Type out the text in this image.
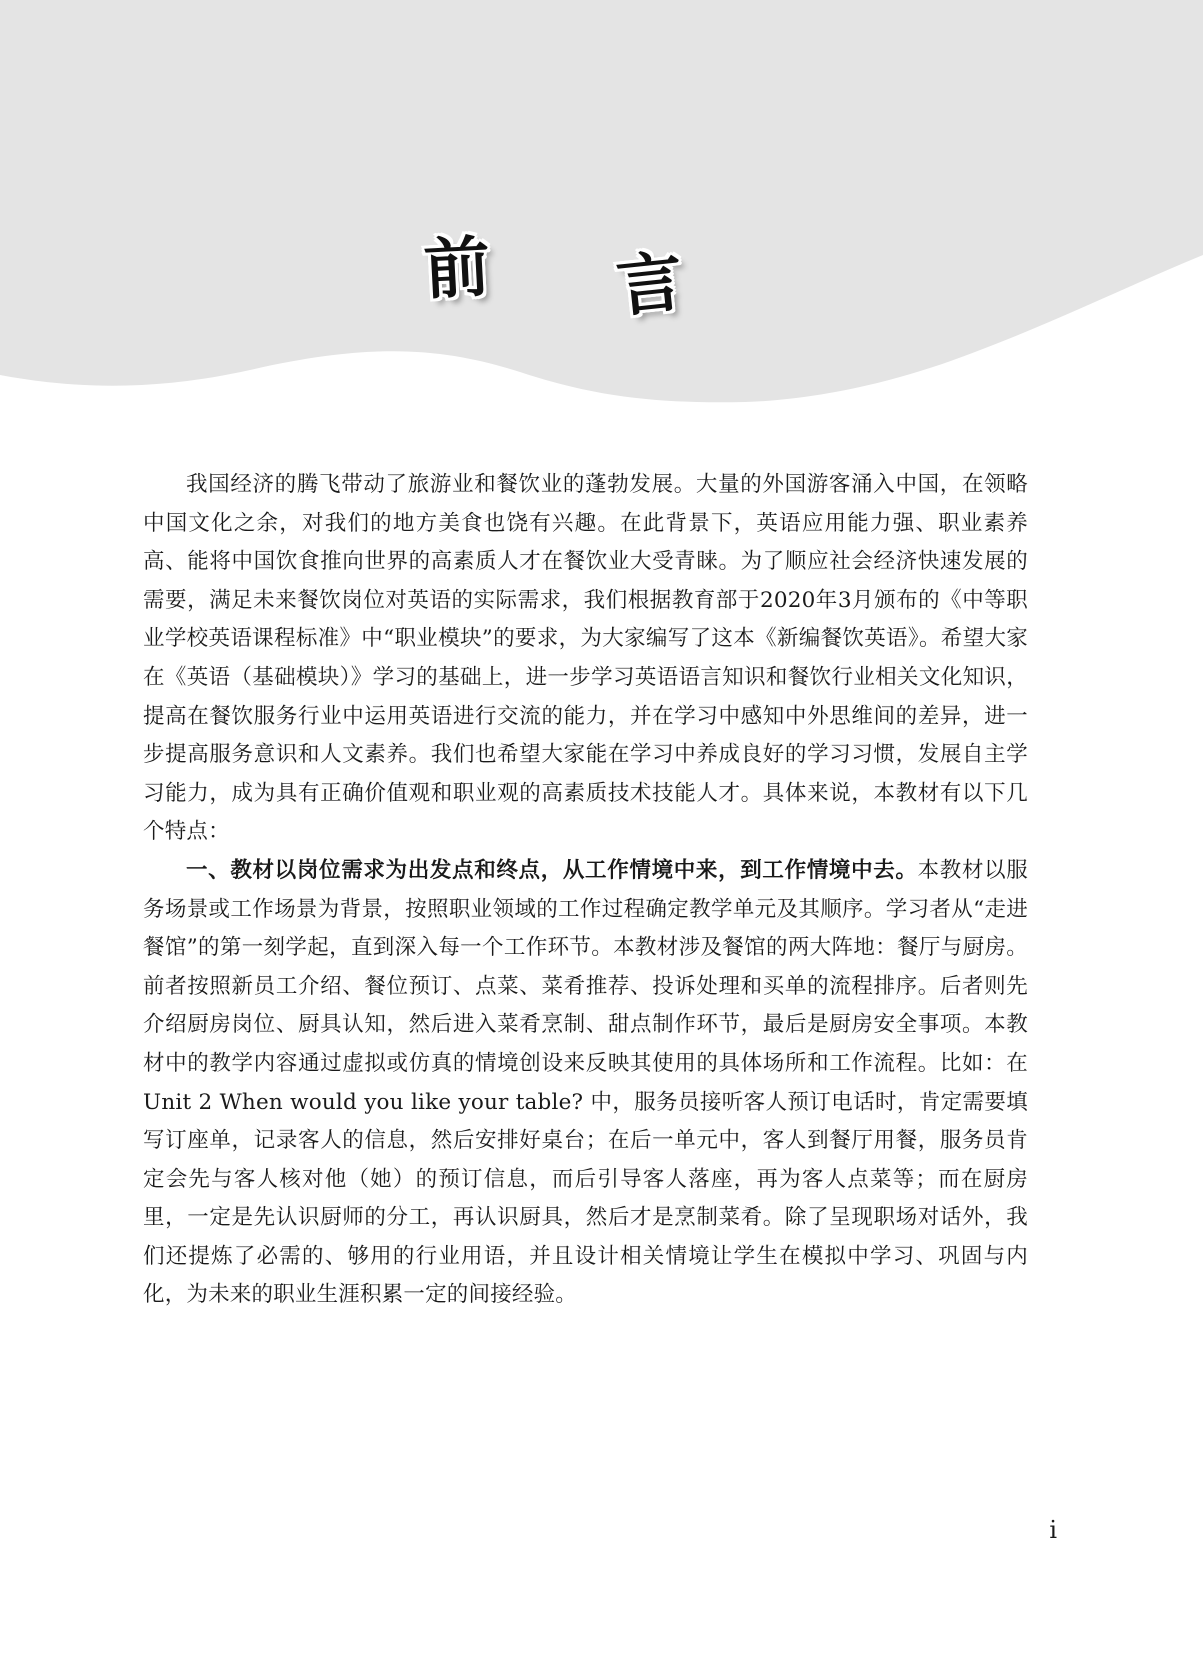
前 言

我国经济的腾飞带动了旅游业和餐饮业的蓬勃发展。大量的外国游客涌入中国，在领略中国文化之余，对我们的地方美食也饶有兴趣。在此背景下，英语应用能力强、职业素养高、能将中国饮食推向世界的高素质人才在餐饮业大受青睐。为了顺应社会经济快速发展的需要，满足未来餐饮岗位对英语的实际需求，我们根据教育部于2020年3月颁布的《中等职业学校英语课程标准》中“职业模块”的要求，为大家编写了这本《新编餐饮英语》。希望大家在《英语（基础模块）》学习的基础上，进一步学习英语语言知识和餐饮行业相关文化知识，提高在餐饮服务行业中运用英语进行交流的能力，并在学习中感知中外思维间的差异，进一步提高服务意识和人文素养。我们也希望大家能在学习中养成良好的学习习惯，发展自主学习能力，成为具有正确价值观和职业观的高素质技术技能人才。具体来说，本教材有以下几个特点：

一、教材以岗位需求为出发点和终点，从工作情境中来，到工作情境中去。本教材以服务场景或工作场景为背景，按照职业领域的工作过程确定教学单元及其顺序。学习者从“走进餐馆”的第一刻学起，直到深入每一个工作环节。本教材涉及餐馆的两大阵地：餐厅与厨房。前者按照新员工介绍、餐位预订、点菜、菜肴推荐、投诉处理和买单的流程排序。后者则先介绍厨房岗位、厨具认知，然后进入菜肴烹制、甜点制作环节，最后是厨房安全事项。本教材中的教学内容通过虚拟或仿真的情境创设来反映其使用的具体场所和工作流程。比如：在 Unit 2 When would you like your table? 中，服务员接听客人预订电话时，肯定需要填写订座单，记录客人的信息，然后安排好桌台；在后一单元中，客人到餐厅用餐，服务员肯定会先与客人核对他（她）的预订信息，而后引导客人落座，再为客人点菜等；而在厨房里，一定是先认识厨师的分工，再认识厨具，然后才是烹制菜肴。除了呈现职场对话外，我们还提炼了必需的、够用的行业用语，并且设计相关情境让学生在模拟中学习、巩固与内化，为未来的职业生涯积累一定的间接经验。

i
